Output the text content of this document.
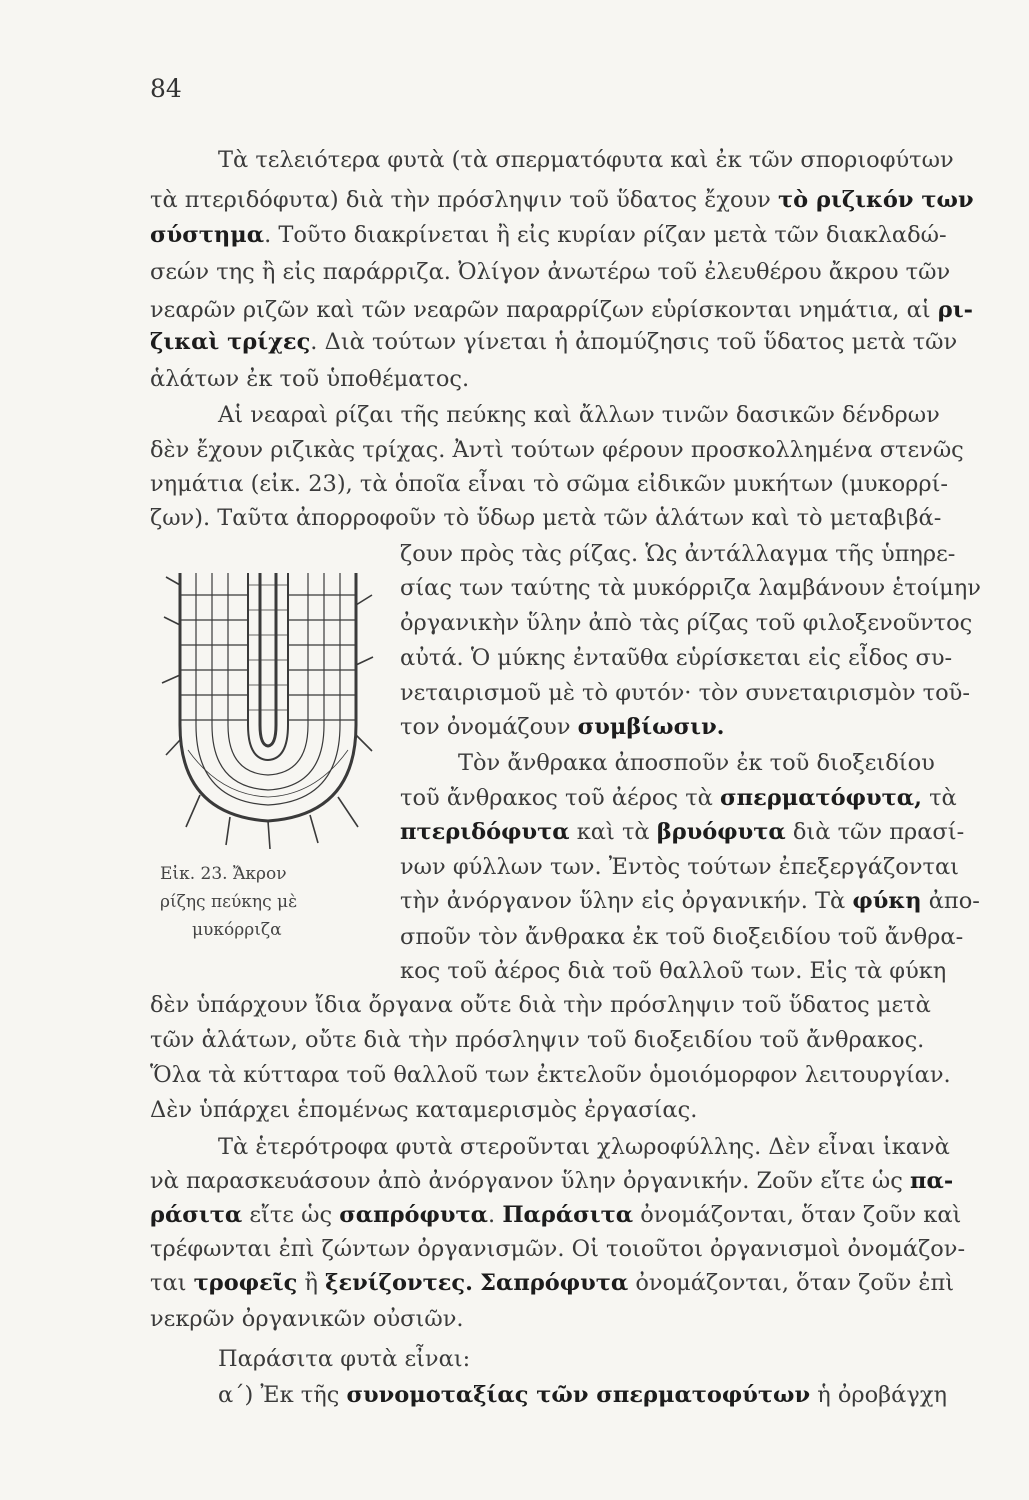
84
Τὰ τελειότερα φυτὰ (τὰ σπερματόφυτα καὶ ἐκ τῶν σποριοφύτων
τὰ πτεριδόφυτα) διὰ τὴν πρόσληψιν τοῦ ὕδατος ἔχουν τὸ ριζικόν των
σύστημα. Τοῦτο διακρίνεται ἢ εἰς κυρίαν ρίζαν μετὰ τῶν διακλαδώ-
σεών της ἢ εἰς παράρριζα. Ὀλίγον ἀνωτέρω τοῦ ἐλευθέρου ἄκρου τῶν
νεαρῶν ριζῶν καὶ τῶν νεαρῶν παραρρίζων εὑρίσκονται νημάτια, αἱ ρι-
ζικαὶ τρίχες. Διὰ τούτων γίνεται ἡ ἀπομύζησις τοῦ ὕδατος μετὰ τῶν
ἁλάτων ἐκ τοῦ ὑποθέματος.
Αἱ νεαραὶ ρίζαι τῆς πεύκης καὶ ἄλλων τινῶν δασικῶν δένδρων
δὲν ἔχουν ριζικὰς τρίχας. Ἀντὶ τούτων φέρουν προσκολλημένα στενῶς
νημάτια (εἰκ. 23), τὰ ὁποῖα εἶναι τὸ σῶμα εἰδικῶν μυκήτων (μυκορρί-
ζων). Ταῦτα ἀπορροφοῦν τὸ ὕδωρ μετὰ τῶν ἁλάτων καὶ τὸ μεταβιβά-
ζουν πρὸς τὰς ρίζας. Ὡς ἀντάλλαγμα τῆς ὑπηρε-
σίας των ταύτης τὰ μυκόρριζα λαμβάνουν ἑτοίμην
ὀργανικὴν ὕλην ἀπὸ τὰς ρίζας τοῦ φιλοξενοῦντος
αὐτά. Ὁ μύκης ἐνταῦθα εὑρίσκεται εἰς εἶδος συ-
νεταιρισμοῦ μὲ τὸ φυτόν· τὸν συνεταιρισμὸν τοῦ-
τον ὀνομάζουν συμβίωσιν.
Τὸν ἄνθρακα ἀποσποῦν ἐκ τοῦ διοξειδίου
τοῦ ἄνθρακος τοῦ ἀέρος τὰ σπερματόφυτα, τὰ
πτεριδόφυτα καὶ τὰ βρυόφυτα διὰ τῶν πρασί-
νων φύλλων των. Ἐντὸς τούτων ἐπεξεργάζονται
τὴν ἀνόργανον ὕλην εἰς ὀργανικήν. Τὰ φύκη ἀπο-
σποῦν τὸν ἄνθρακα ἐκ τοῦ διοξειδίου τοῦ ἄνθρα-
κος τοῦ ἀέρος διὰ τοῦ θαλλοῦ των. Εἰς τὰ φύκη
δὲν ὑπάρχουν ἴδια ὄργανα οὔτε διὰ τὴν πρόσληψιν τοῦ ὕδατος μετὰ
τῶν ἁλάτων, οὔτε διὰ τὴν πρόσληψιν τοῦ διοξειδίου τοῦ ἄνθρακος.
Ὅλα τὰ κύτταρα τοῦ θαλλοῦ των ἐκτελοῦν ὁμοιόμορφον λειτουργίαν.
Δὲν ὑπάρχει ἑπομένως καταμερισμὸς ἐργασίας.
Τὰ ἑτερότροφα φυτὰ στεροῦνται χλωροφύλλης. Δὲν εἶναι ἱκανὰ
νὰ παρασκευάσουν ἀπὸ ἀνόργανον ὕλην ὀργανικήν. Ζοῦν εἴτε ὡς πα-
ράσιτα εἴτε ὡς σαπρόφυτα. Παράσιτα ὀνομάζονται, ὅταν ζοῦν καὶ
τρέφωνται ἐπὶ ζώντων ὀργανισμῶν. Οἱ τοιοῦτοι ὀργανισμοὶ ὀνομάζον-
ται τροφεῖς ἢ ξενίζοντες. Σαπρόφυτα ὀνομάζονται, ὅταν ζοῦν ἐπὶ
νεκρῶν ὀργανικῶν οὐσιῶν.
Παράσιτα φυτὰ εἶναι:
α΄) Ἐκ τῆς συνομοταξίας τῶν σπερματοφύτων ἡ ὀροβάγχη
Εἰκ. 23. Ἄκρον
ρίζης πεύκης μὲ
μυκόρριζα
